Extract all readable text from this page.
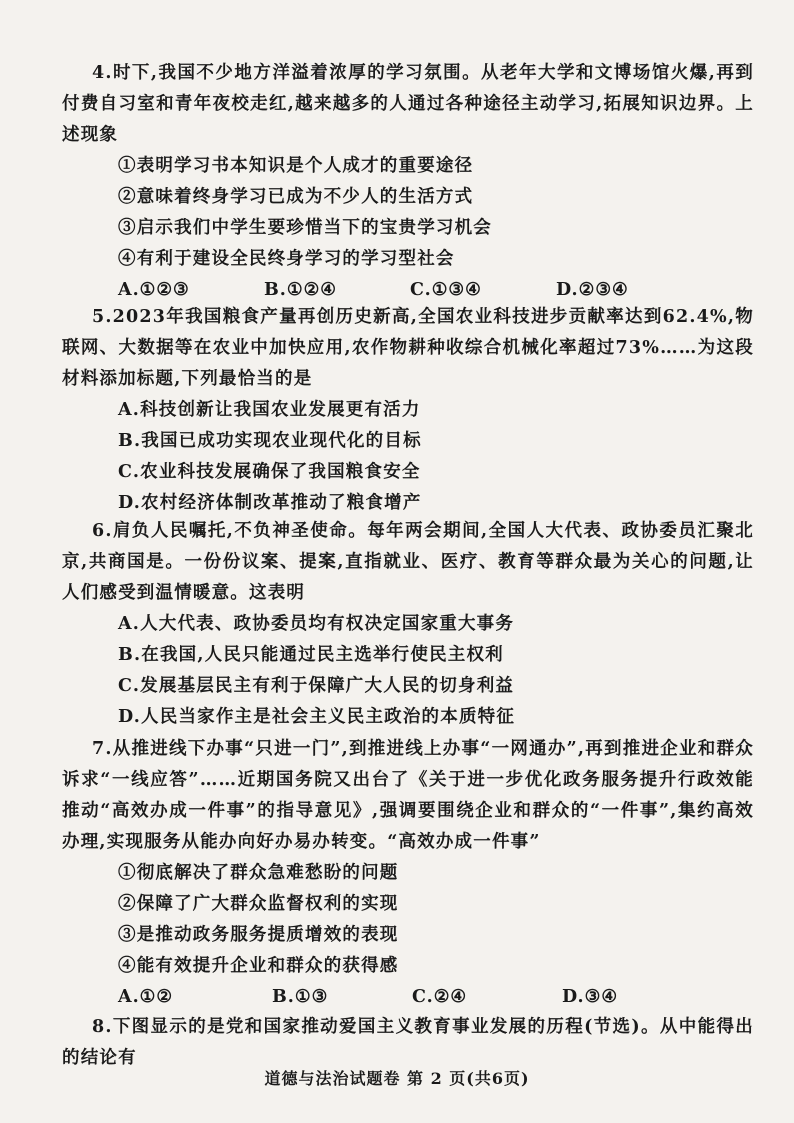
4.时下,我国不少地方洋溢着浓厚的学习氛围。从老年大学和文博场馆火爆,再到付费自习室和青年夜校走红,越来越多的人通过各种途径主动学习,拓展知识边界。上述现象
①表明学习书本知识是个人成才的重要途径
②意味着终身学习已成为不少人的生活方式
③启示我们中学生要珍惜当下的宝贵学习机会
④有利于建设全民终身学习的学习型社会
A.①②③	B.①②④	C.①③④	D.②③④
5.2023年我国粮食产量再创历史新高,全国农业科技进步贡献率达到62.4%,物联网、大数据等在农业中加快应用,农作物耕种收综合机械化率超过73%……为这段材料添加标题,下列最恰当的是
A.科技创新让我国农业发展更有活力
B.我国已成功实现农业现代化的目标
C.农业科技发展确保了我国粮食安全
D.农村经济体制改革推动了粮食增产
6.肩负人民嘱托,不负神圣使命。每年两会期间,全国人大代表、政协委员汇聚北京,共商国是。一份份议案、提案,直指就业、医疗、教育等群众最为关心的问题,让人们感受到温情暖意。这表明
A.人大代表、政协委员均有权决定国家重大事务
B.在我国,人民只能通过民主选举行使民主权利
C.发展基层民主有利于保障广大人民的切身利益
D.人民当家作主是社会主义民主政治的本质特征
7.从推进线下办事“只进一门”,到推进线上办事“一网通办”,再到推进企业和群众诉求“一线应答”……近期国务院又出台了《关于进一步优化政务服务提升行政效能推动“高效办成一件事”的指导意见》,强调要围绕企业和群众的“一件事”,集约高效办理,实现服务从能办向好办易办转变。“高效办成一件事”
①彻底解决了群众急难愁盼的问题
②保障了广大群众监督权利的实现
③是推动政务服务提质增效的表现
④能有效提升企业和群众的获得感
A.①②	B.①③	C.②④	D.③④
8.下图显示的是党和国家推动爱国主义教育事业发展的历程(节选)。从中能得出的结论有
道德与法治试题卷 第 2 页(共6页)
